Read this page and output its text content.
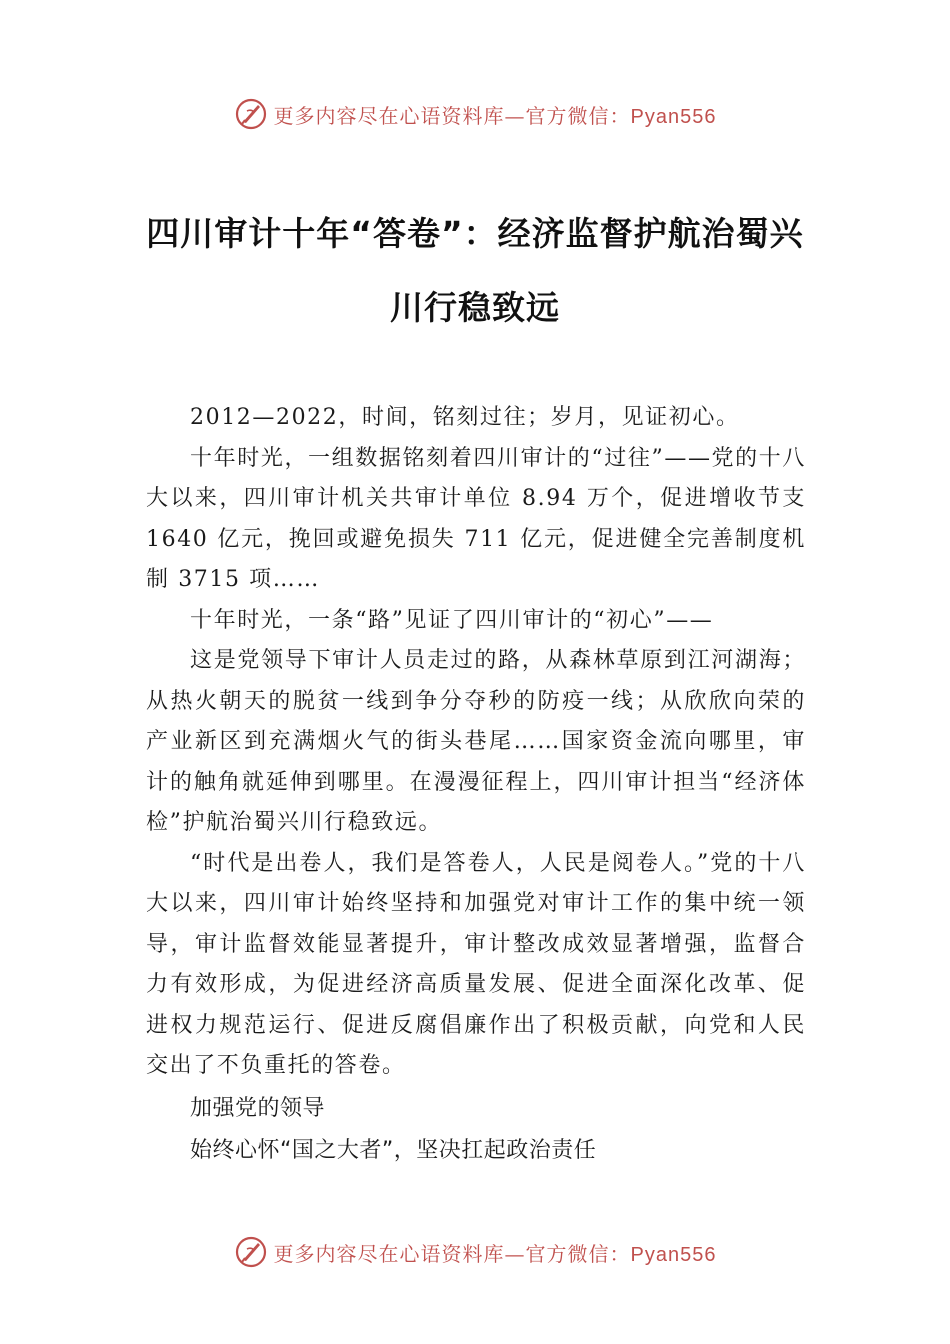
更多内容尽在心语资料库—官方微信：Pyan556
四川审计十年“答卷”：经济监督护航治蜀兴
川行稳致远

2012—2022，时间，铭刻过往；岁月，见证初心。

十年时光，一组数据铭刻着四川审计的“过往”——党的十八大以来，四川审计机关共审计单位 8.94 万个，促进增收节支 1640 亿元，挽回或避免损失 711 亿元，促进健全完善制度机制 3715 项……

十年时光，一条“路”见证了四川审计的“初心”——

这是党领导下审计人员走过的路，从森林草原到江河湖海；从热火朝天的脱贫一线到争分夺秒的防疫一线；从欣欣向荣的产业新区到充满烟火气的街头巷尾……国家资金流向哪里，审计的触角就延伸到哪里。在漫漫征程上，四川审计担当“经济体检”护航治蜀兴川行稳致远。

“时代是出卷人，我们是答卷人，人民是阅卷人。”党的十八大以来，四川审计始终坚持和加强党对审计工作的集中统一领导，审计监督效能显著提升，审计整改成效显著增强，监督合力有效形成，为促进经济高质量发展、促进全面深化改革、促进权力规范运行、促进反腐倡廉作出了积极贡献，向党和人民交出了不负重托的答卷。

加强党的领导

始终心怀“国之大者”，坚决扛起政治责任

更多内容尽在心语资料库—官方微信：Pyan556
